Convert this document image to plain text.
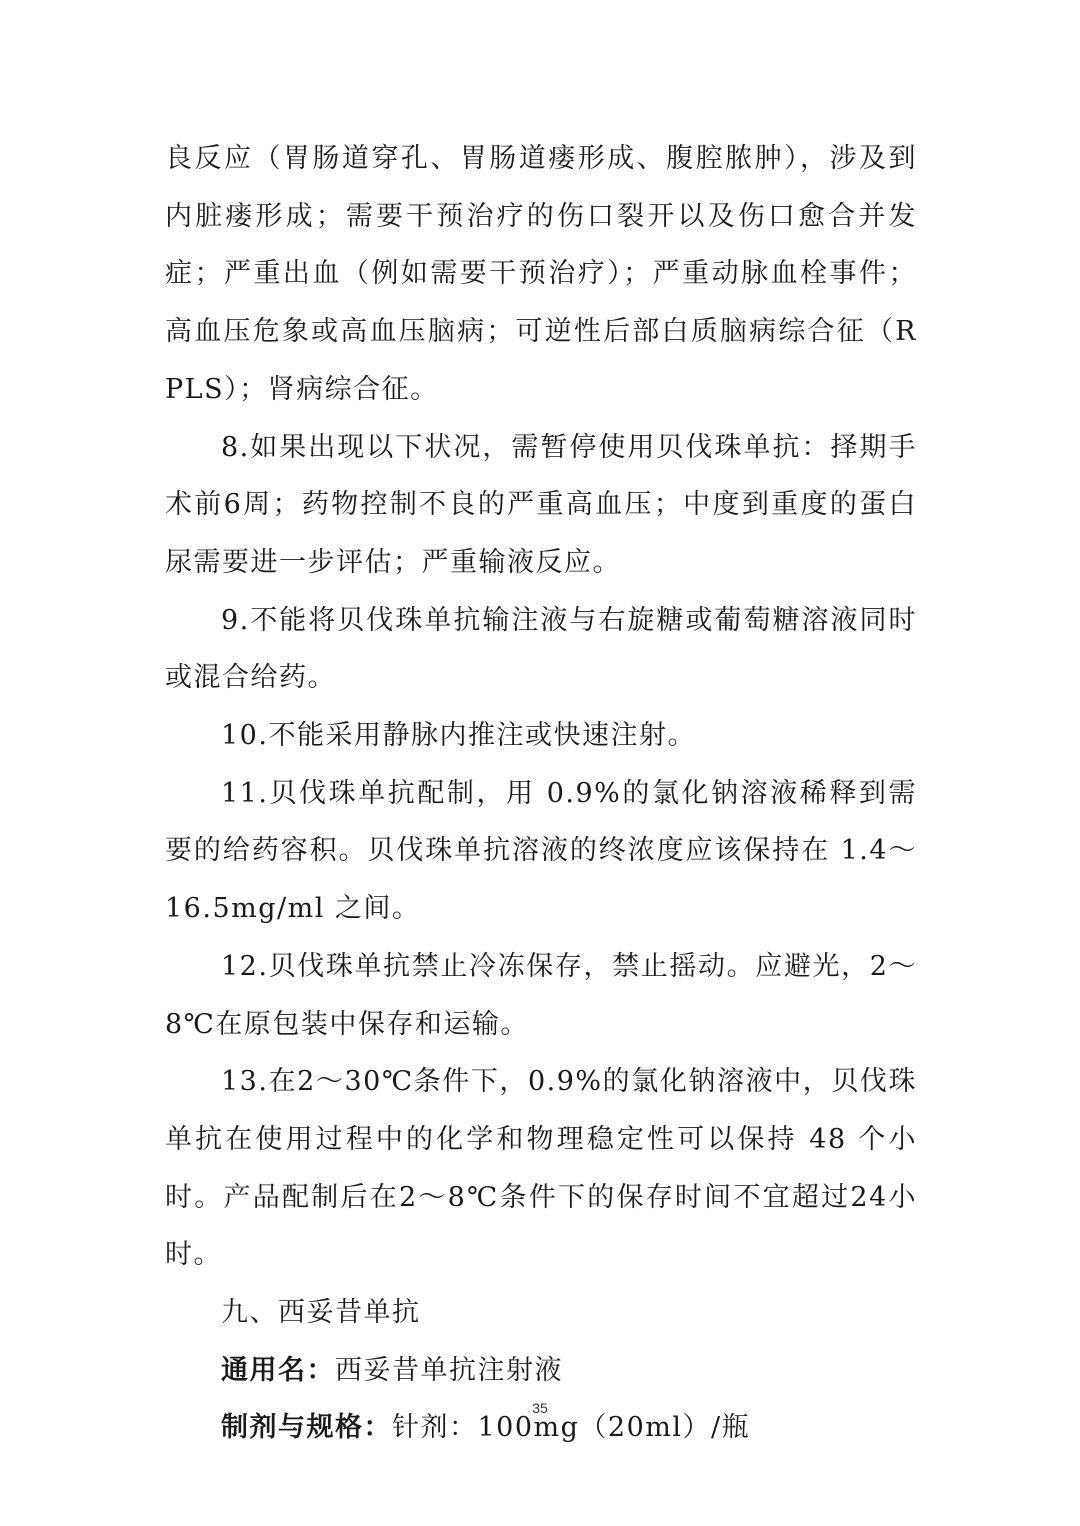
良反应（胃肠道穿孔、胃肠道瘘形成、腹腔脓肿），涉及到内脏瘘形成；需要干预治疗的伤口裂开以及伤口愈合并发症；严重出血（例如需要干预治疗）；严重动脉血栓事件；高血压危象或高血压脑病；可逆性后部白质脑病综合征（RPLS）；肾病综合征。

8.如果出现以下状况，需暂停使用贝伐珠单抗：择期手术前6周；药物控制不良的严重高血压；中度到重度的蛋白尿需要进一步评估；严重输液反应。

9.不能将贝伐珠单抗输注液与右旋糖或葡萄糖溶液同时或混合给药。

10.不能采用静脉内推注或快速注射。

11.贝伐珠单抗配制，用 0.9%的氯化钠溶液稀释到需要的给药容积。贝伐珠单抗溶液的终浓度应该保持在 1.4～16.5mg/ml 之间。

12.贝伐珠单抗禁止冷冻保存，禁止摇动。应避光，2～8℃在原包装中保存和运输。

13.在2～30℃条件下，0.9%的氯化钠溶液中，贝伐珠单抗在使用过程中的化学和物理稳定性可以保持 48 个小时。产品配制后在2～8℃条件下的保存时间不宜超过24小时。

九、西妥昔单抗

通用名：西妥昔单抗注射液

制剂与规格：针剂：100mg（20ml）/瓶

35
